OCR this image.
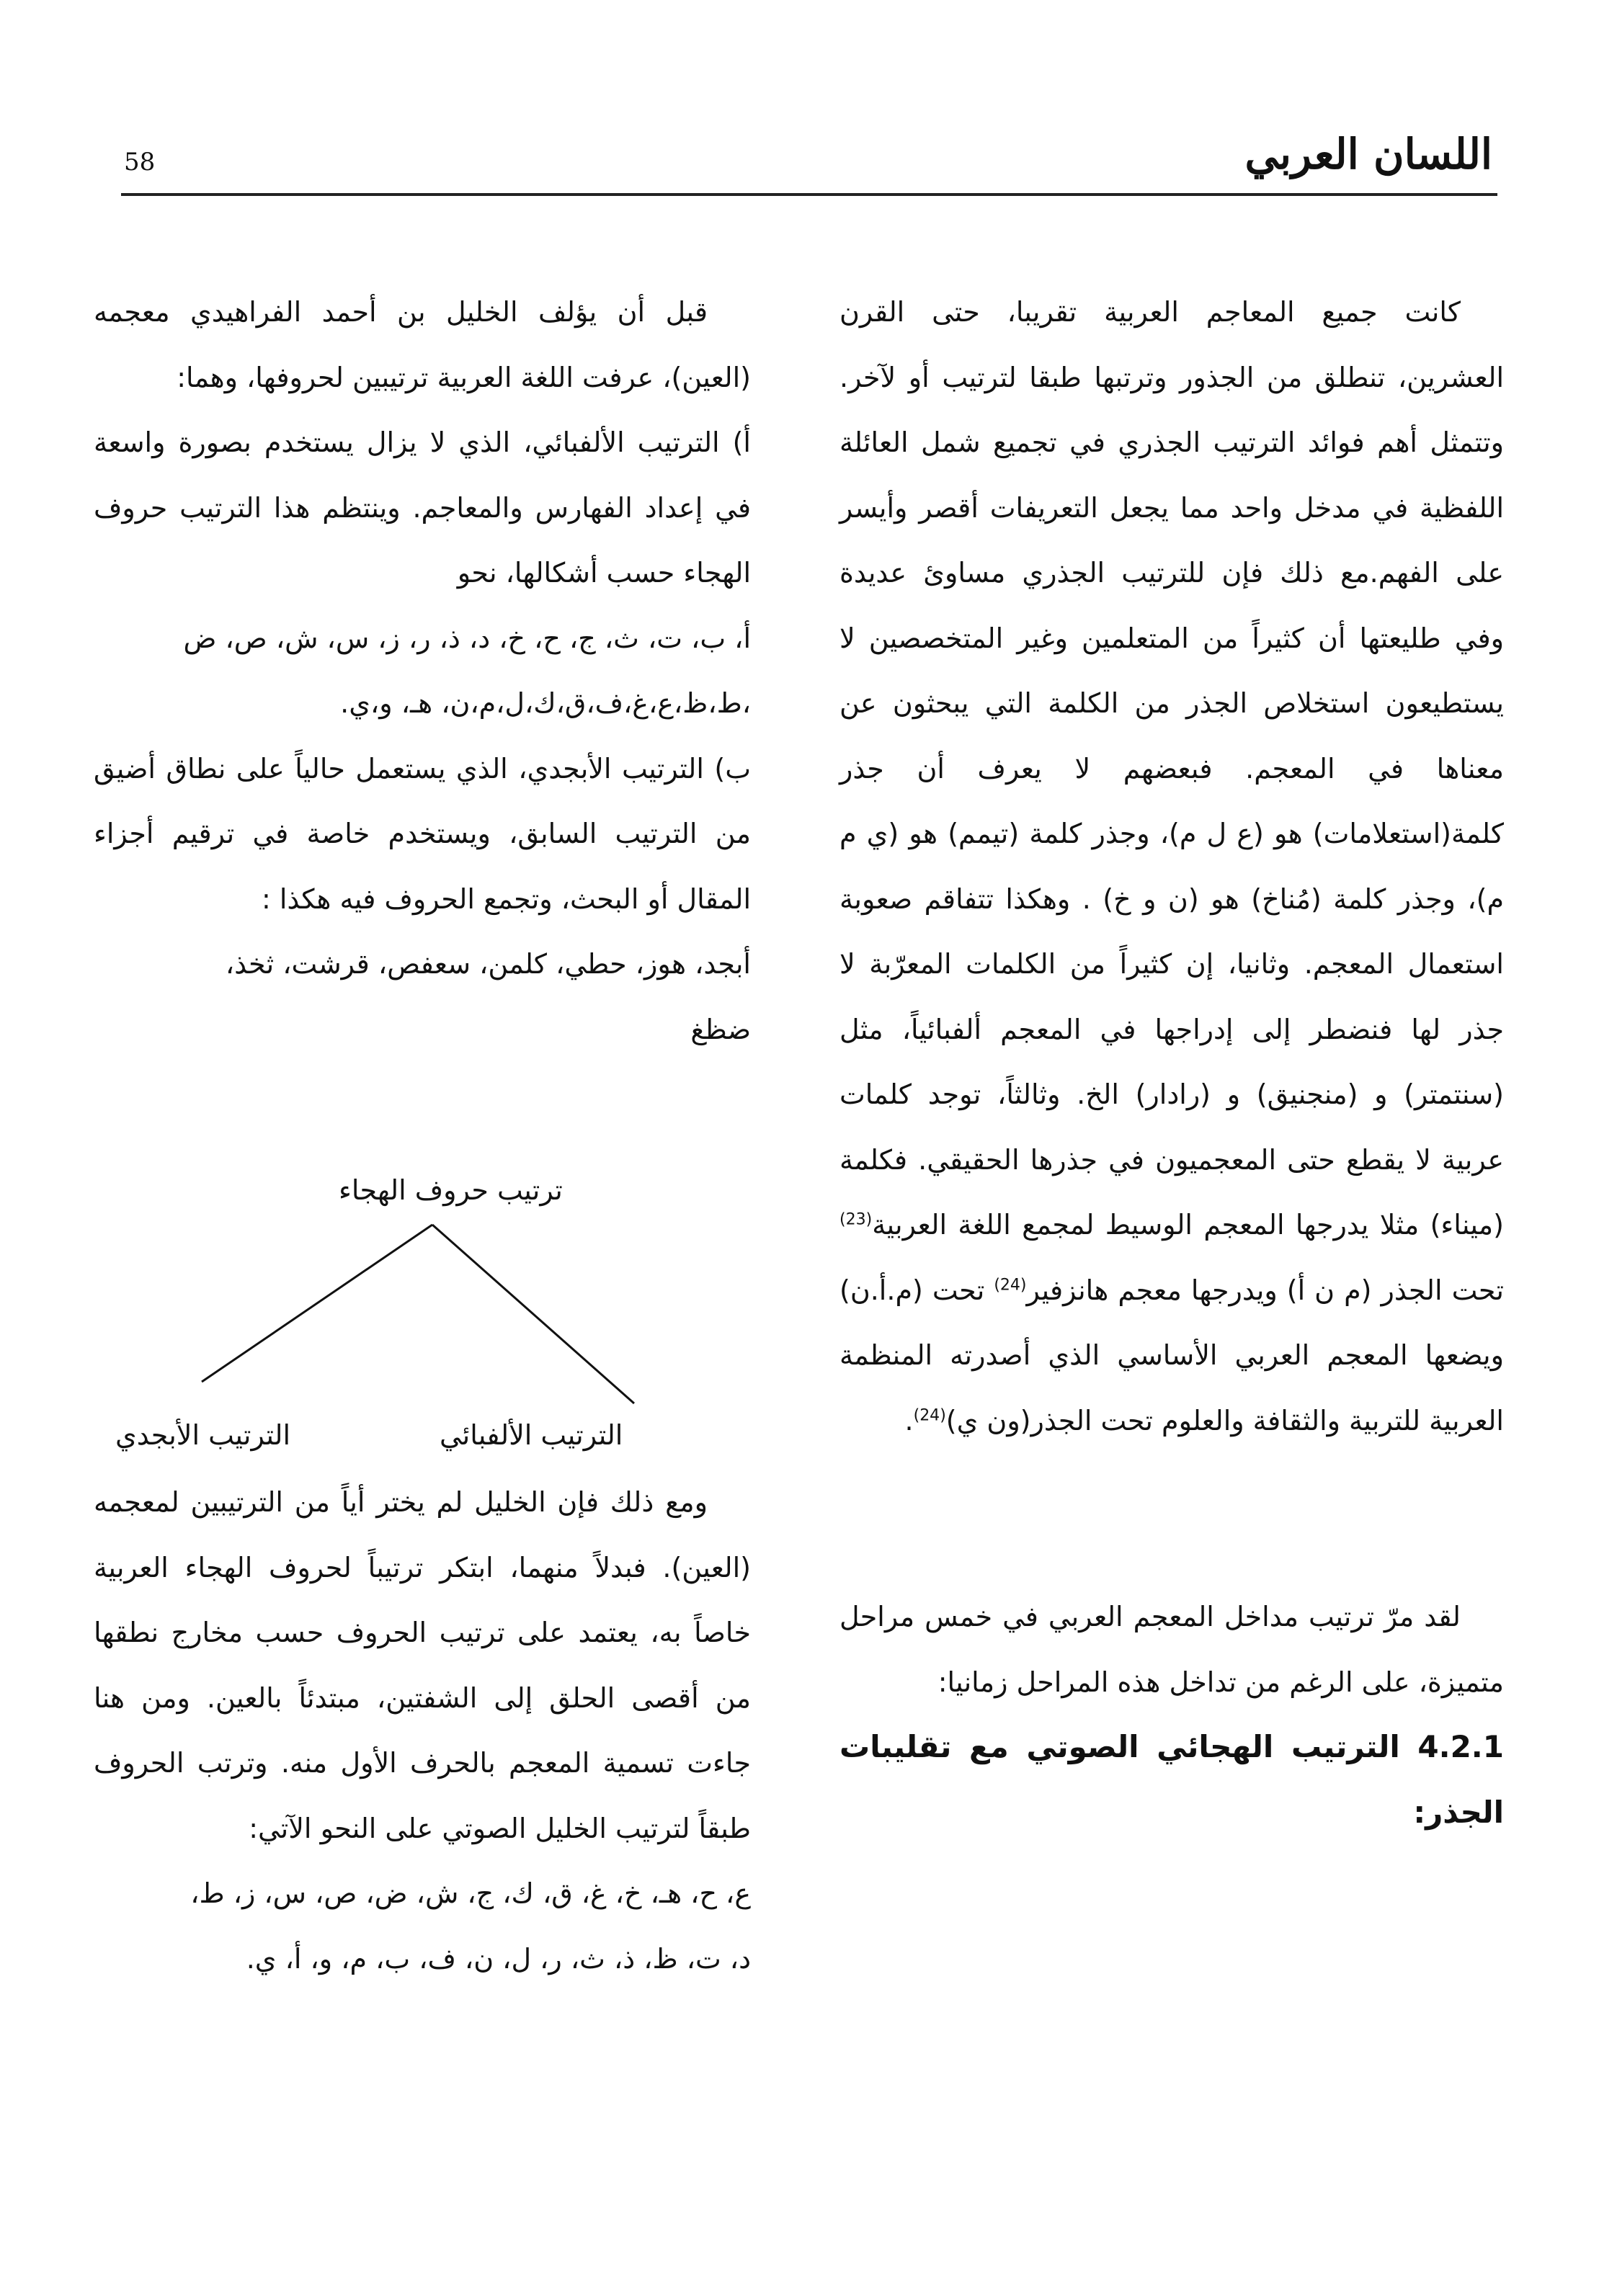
58	اللسان العربي

كانت جميع المعاجم العربية تقريبا، حتى القرن العشرين، تنطلق من الجذور وترتبها طبقا لترتيب أو لآخر. وتتمثل أهم فوائد الترتيب الجذري في تجميع شمل العائلة اللفظية في مدخل واحد مما يجعل التعريفات أقصر وأيسر على الفهم.مع ذلك فإن للترتيب الجذري مساوئ عديدة وفي طليعتها أن كثيراً من المتعلمين وغير المتخصصين لا يستطيعون استخلاص الجذر من الكلمة التي يبحثون عن معناها في المعجم. فبعضهم لا يعرف أن جذر كلمة(استعلامات) هو (ع ل م)، وجذر كلمة (تيمم) هو (ي م م)، وجذر كلمة (مُناخ) هو (ن و خ) . وهكذا تتفاقم صعوبة استعمال المعجم. وثانيا، إن كثيراً من الكلمات المعرّبة لا جذر لها فنضطر إلى إدراجها في المعجم ألفبائياً، مثل (سنتمتر) و (منجنيق) و (رادار) الخ. وثالثاً، توجد كلمات عربية لا يقطع حتى المعجميون في جذرها الحقيقي. فكلمة (ميناء) مثلا يدرجها المعجم الوسيط لمجمع اللغة العربية$^{(23)}$ تحت الجذر (م ن أ) ويدرجها معجم هانزفير$^{(24)}$ تحت (م.أ.ن) ويضعها المعجم العربي الأساسي الذي أصدرته المنظمة العربية للتربية والثقافة والعلوم تحت الجذر(ون ي)$^{(24)}$.

لقد مرّ ترتيب مداخل المعجم العربي في خمس مراحل متميزة، على الرغم من تداخل هذه المراحل زمانيا:

4.2.1 الترتيب الهجائي الصوتي مع تقليبات الجذر:

قبل أن يؤلف الخليل بن أحمد الفراهيدي معجمه (العين)، عرفت اللغة العربية ترتيبين لحروفها، وهما:

أ) الترتيب الألفبائي، الذي لا يزال يستخدم بصورة واسعة في إعداد الفهارس والمعاجم. وينتظم هذا الترتيب حروف الهجاء حسب أشكالها، نحو

أ، ب، ت، ث، ج، ح، خ، د، ذ، ر، ز، س، ش، ص، ض

،ط،ظ،ع،غ،ف،ق،ك،ل،م،ن، هـ، و،ي.

ب) الترتيب الأبجدي، الذي يستعمل حالياً على نطاق أضيق من الترتيب السابق، ويستخدم خاصة في ترقيم أجزاء المقال أو البحث، وتجمع الحروف فيه هكذا :

أبجد، هوز، حطي، كلمن، سعفص، قرشت، ثخذ،

ضظغ

ترتيب حروف الهجاء
الترتيب الألفبائي
الترتيب الأبجدي

ومع ذلك فإن الخليل لم يختر أياً من الترتيبين لمعجمه (العين). فبدلاً منهما، ابتكر ترتيباً لحروف الهجاء العربية خاصاً به، يعتمد على ترتيب الحروف حسب مخارج نطقها من أقصى الحلق إلى الشفتين، مبتدئاً بالعين. ومن هنا جاءت تسمية المعجم بالحرف الأول منه. وترتب الحروف طبقاً لترتيب الخليل الصوتي على النحو الآتي:

ع، ح، هـ، خ، غ، ق، ك، ج، ش، ض، ص، س، ز، ط،

د، ت، ظ، ذ، ث، ر، ل، ن، ف، ب، م، و، أ، ي.
